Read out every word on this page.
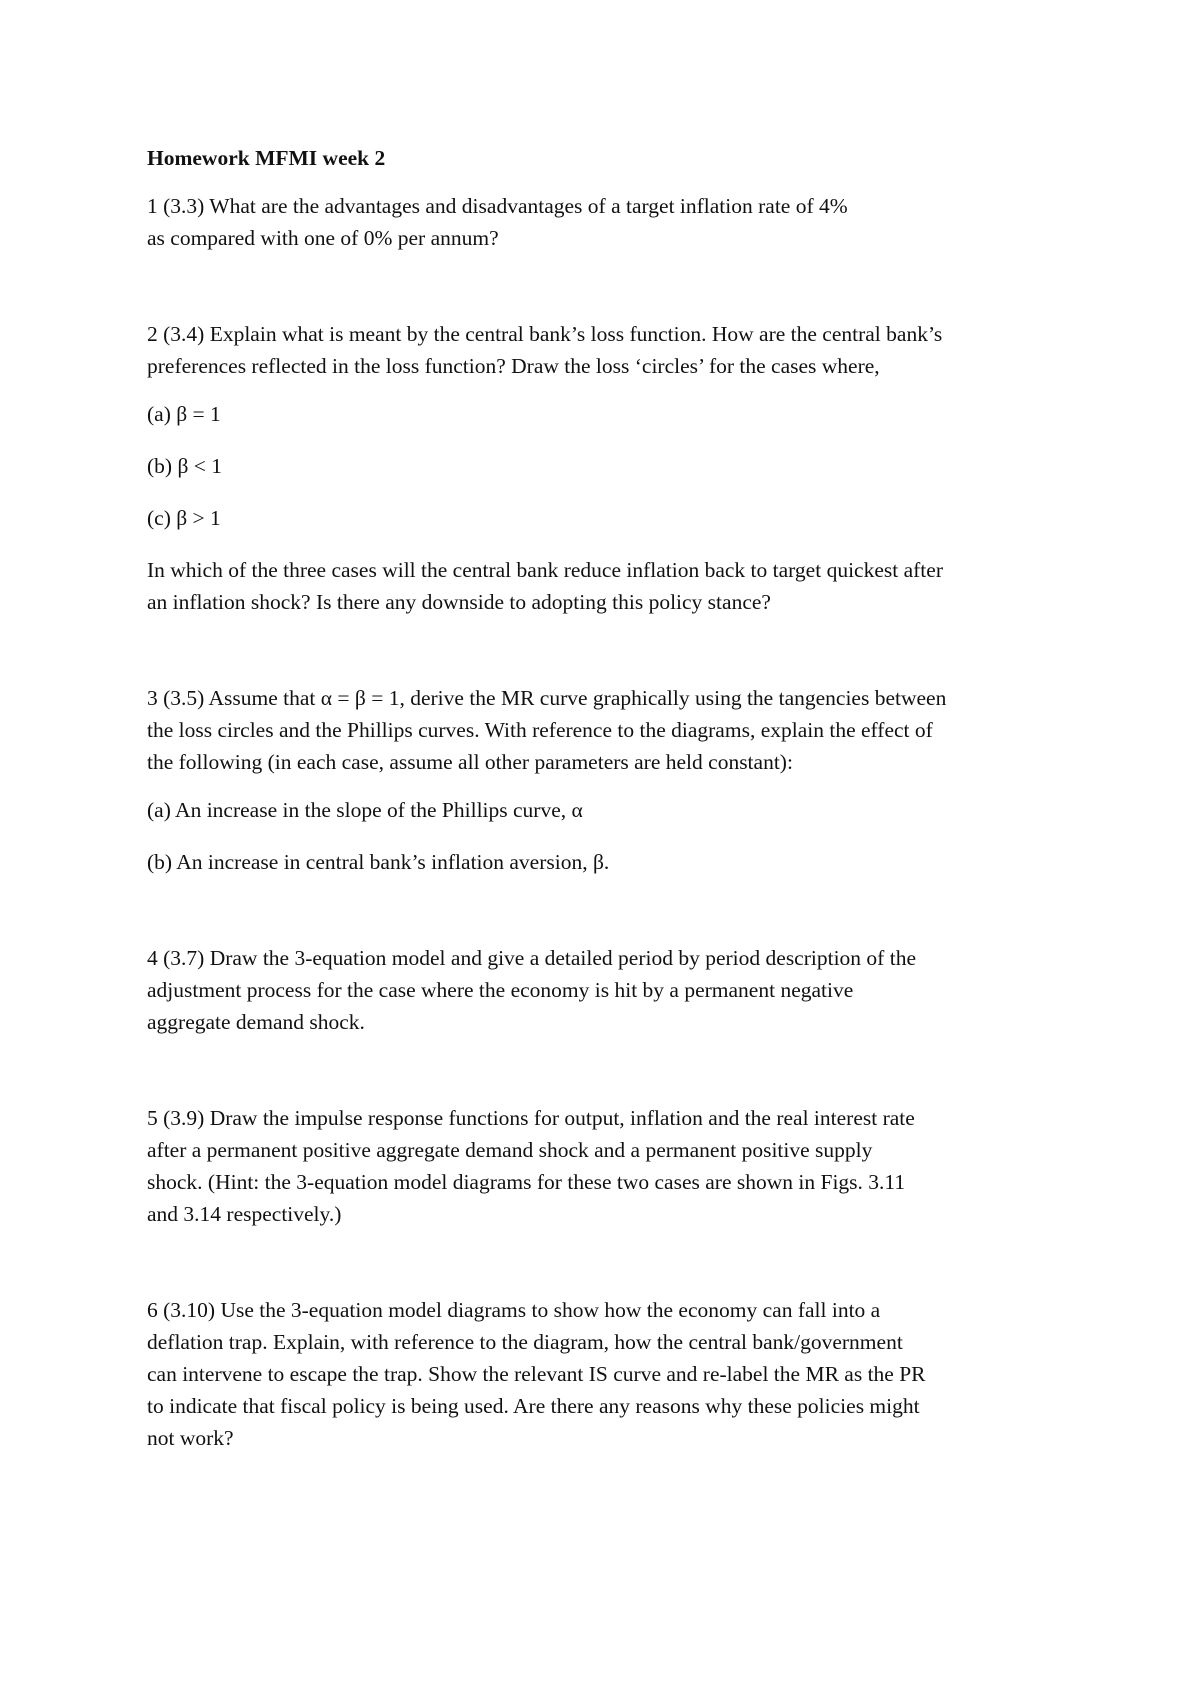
Homework MFMI week 2

1 (3.3) What are the advantages and disadvantages of a target inflation rate of 4%
as compared with one of 0% per annum?
2 (3.4) Explain what is meant by the central bank’s loss function. How are the central bank’s
preferences reflected in the loss function? Draw the loss ‘circles’ for the cases where,
(a) β = 1
(b) β < 1
(c) β > 1
In which of the three cases will the central bank reduce inflation back to target quickest after
an inflation shock? Is there any downside to adopting this policy stance?
3 (3.5) Assume that α = β = 1, derive the MR curve graphically using the tangencies between
the loss circles and the Phillips curves. With reference to the diagrams, explain the effect of
the following (in each case, assume all other parameters are held constant):
(a) An increase in the slope of the Phillips curve, α
(b) An increase in central bank’s inflation aversion, β.
4 (3.7) Draw the 3-equation model and give a detailed period by period description of the
adjustment process for the case where the economy is hit by a permanent negative
aggregate demand shock.
5 (3.9) Draw the impulse response functions for output, inflation and the real interest rate
after a permanent positive aggregate demand shock and a permanent positive supply
shock. (Hint: the 3-equation model diagrams for these two cases are shown in Figs. 3.11
and 3.14 respectively.)
6 (3.10) Use the 3-equation model diagrams to show how the economy can fall into a
deflation trap. Explain, with reference to the diagram, how the central bank/government
can intervene to escape the trap. Show the relevant IS curve and re-label the MR as the PR
to indicate that fiscal policy is being used. Are there any reasons why these policies might
not work?
